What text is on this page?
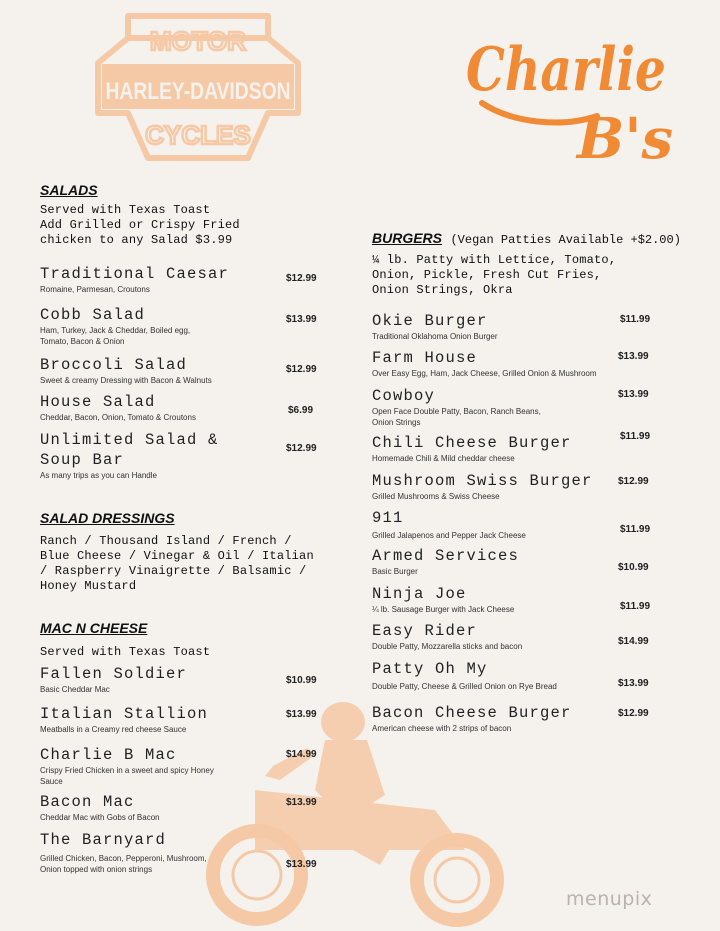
MOTOR
HARLEY-DAVIDSON
CYCLES
Charlie
B's
SALADS
Served with Texas Toast
Add Grilled or Crispy Fried
chicken to any Salad $3.99
Traditional Caesar
Romaine, Parmesan, Croutons
$12.99
Cobb Salad
Ham, Turkey, Jack & Cheddar, Boiled egg,
Tomato, Bacon & Onion
$13.99
Broccoli Salad
Sweet & creamy Dressing with Bacon & Walnuts
$12.99
House Salad
Cheddar, Bacon, Onion, Tomato & Croutons
$6.99
Unlimited Salad &
Soup Bar
As many trips as you can Handle
$12.99
SALAD DRESSINGS
Ranch / Thousand Island / French /
Blue Cheese / Vinegar & Oil / Italian
/ Raspberry Vinaigrette / Balsamic /
Honey Mustard
MAC N CHEESE
Served with Texas Toast
Fallen Soldier
Basic Cheddar Mac
$10.99
Italian Stallion
Meatballs in a Creamy red cheese Sauce
$13.99
Charlie B Mac
Crispy Fried Chicken in a sweet and spicy Honey
Sauce
$14.99
Bacon Mac
Cheddar Mac with Gobs of Bacon
$13.99
The Barnyard
Grilled Chicken, Bacon, Pepperoni, Mushroom,
Onion topped with onion strings	$13.99
BURGERS (Vegan Patties Available +$2.00)
¼ lb. Patty with Lettice, Tomato,
Onion, Pickle, Fresh Cut Fries,
Onion Strings, Okra
Okie Burger
Traditional Oklahoma Onion Burger
$11.99
Farm House
Over Easy Egg, Ham, Jack Cheese, Grilled Onion & Mushroom
$13.99
Cowboy
Open Face Double Patty, Bacon, Ranch Beans,
Onion Strings
$13.99
Chili Cheese Burger
Homemade Chili & Mild cheddar cheese
$11.99
Mushroom Swiss Burger
Grilled Mushrooms & Swiss Cheese
$12.99
911
Grilled Jalapenos and Pepper Jack Cheese
$11.99
Armed Services
Basic Burger	$10.99
Ninja Joe
¼ lb. Sausage Burger with Jack Cheese	$11.99
Easy Rider
Double Patty, Mozzarella sticks and bacon	$14.99
Patty Oh My
Double Patty, Cheese & Grilled Onion on Rye Bread	$13.99
Bacon Cheese Burger
American cheese with 2 strips of bacon
$12.99
menupix
